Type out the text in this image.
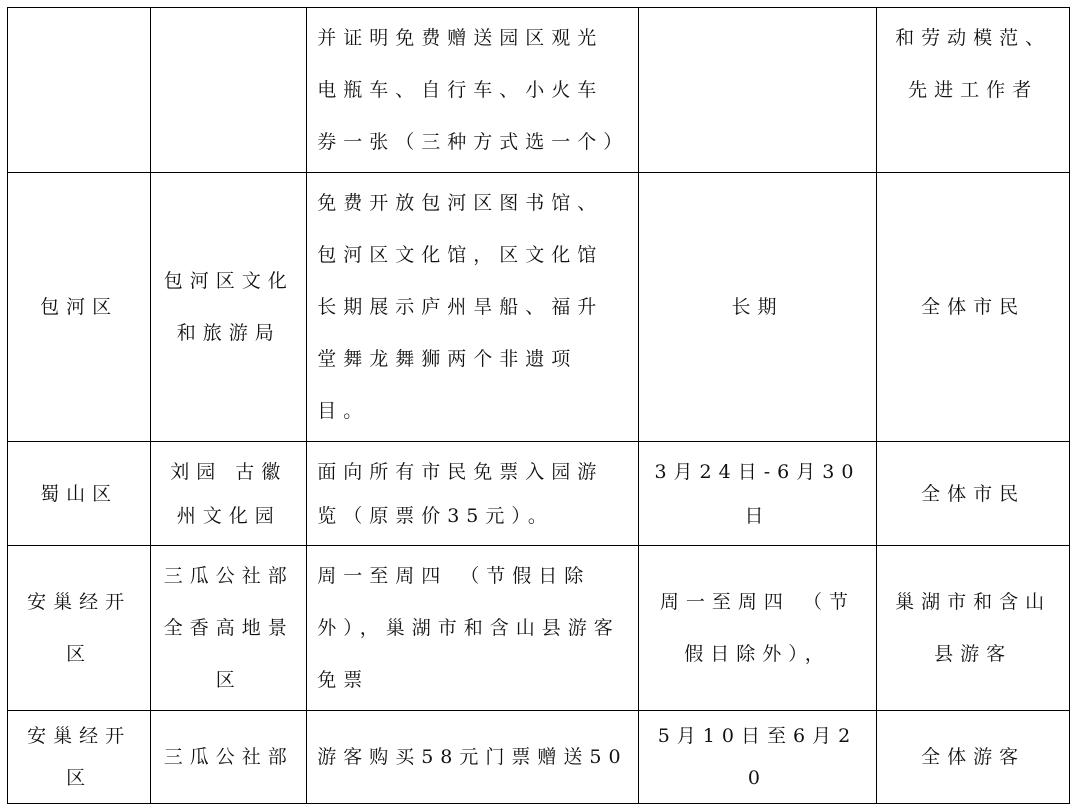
		并证明免费赠送园区观光电瓶车、自行车、小火车券一张（三种方式选一个）		和劳动模范、先进工作者
包河区	包河区文化和旅游局	免费开放包河区图书馆、包河区文化馆，区文化馆长期展示庐州旱船、福升堂舞龙舞狮两个非遗项目。	长期	全体市民
蜀山区	刘园 古徽州文化园	面向所有市民免票入园游览（原票价35元）。	3月24日-6月30日	全体市民
安巢经开区	三瓜公社部 全香高地景区	周一至周四 （节假日除外），巢湖市和含山县游客免票	周一至周四 （节假日除外），	巢湖市和含山县游客
安巢经开区	三瓜公社部	游客购买58元门票赠送50	5月10日至6月20	全体游客
